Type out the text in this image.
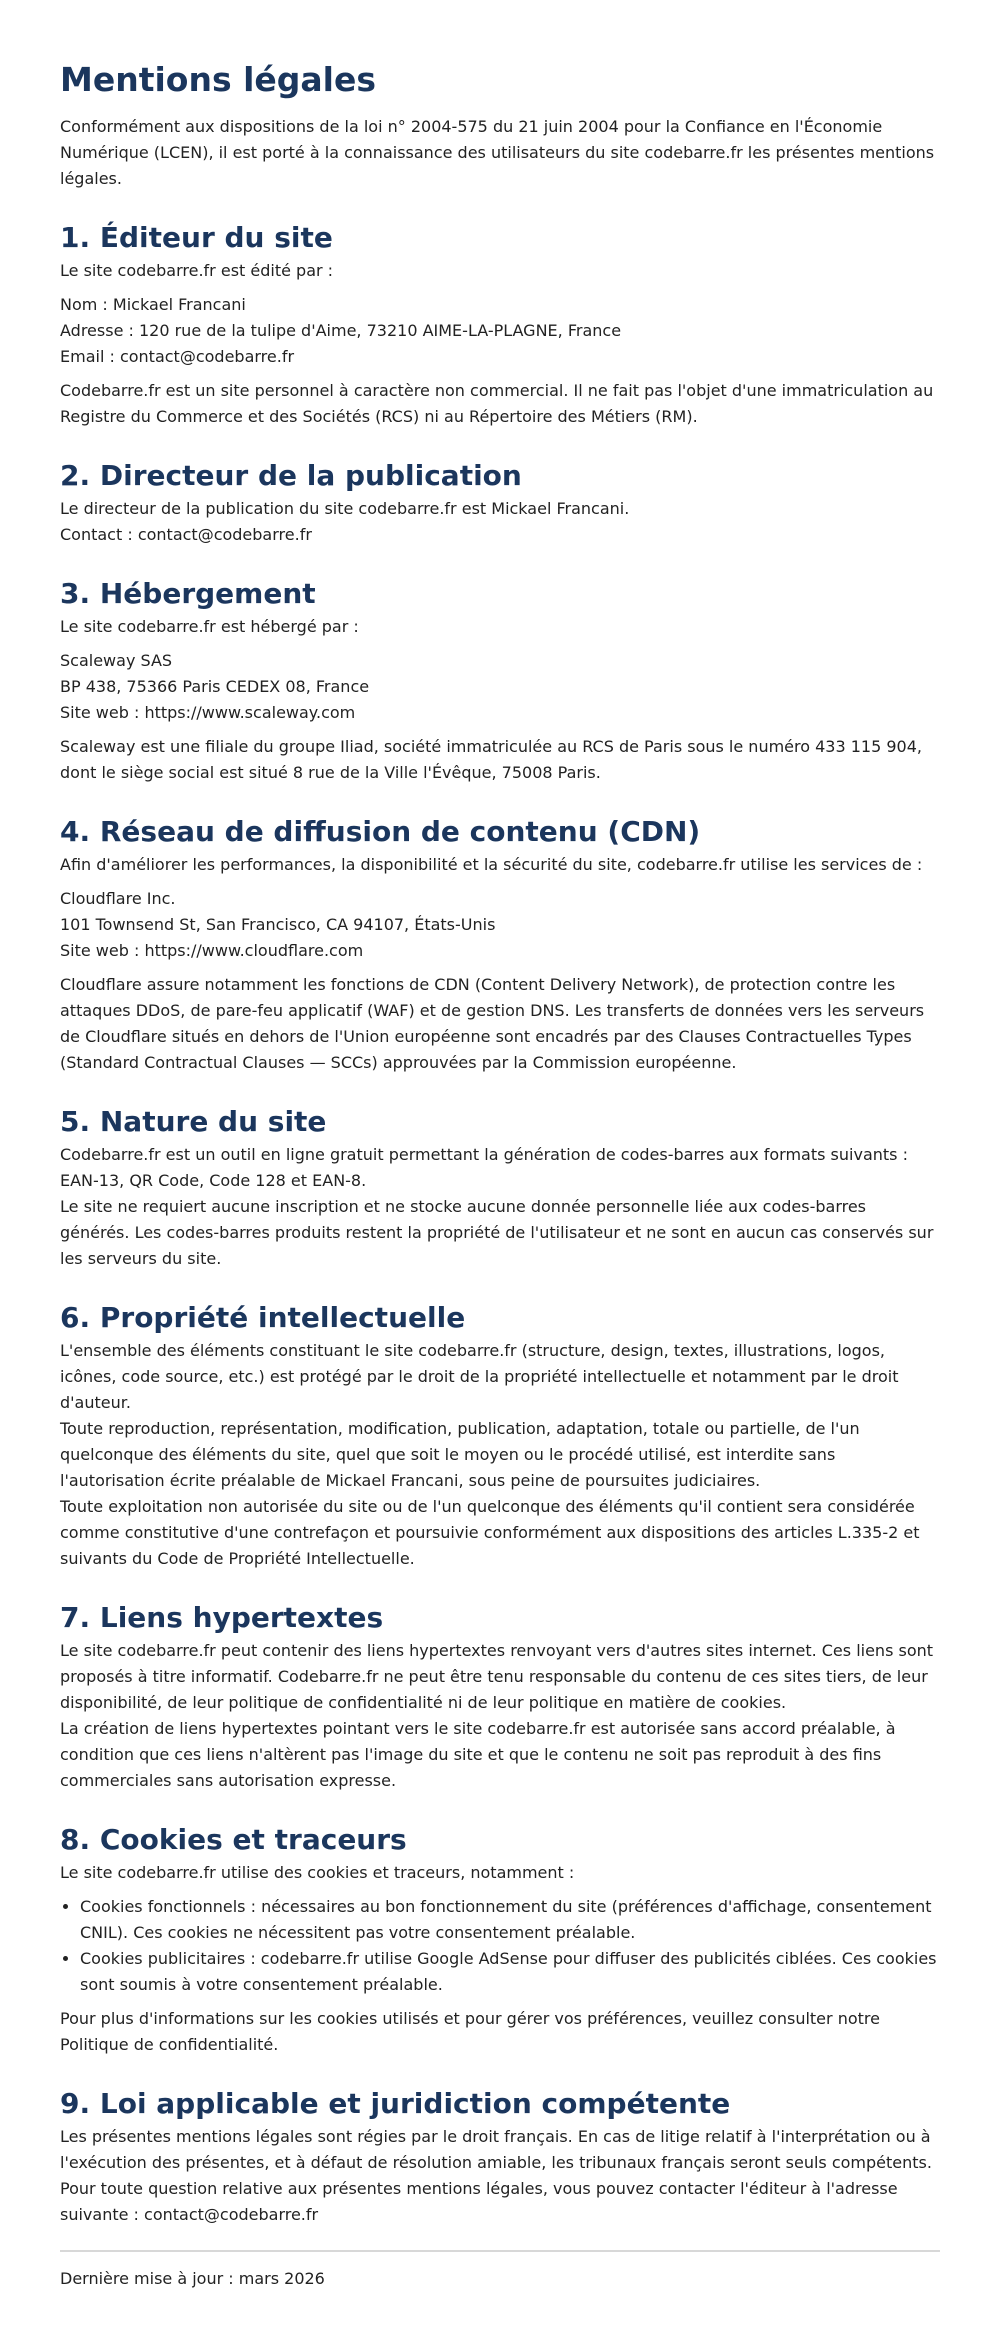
Mentions légales

Conformément aux dispositions de la loi n° 2004-575 du 21 juin 2004 pour la Confiance en l'Économie Numérique (LCEN), il est porté à la connaissance des utilisateurs du site codebarre.fr les présentes mentions légales.

1. Éditeur du site

Le site codebarre.fr est édité par :

Nom : Mickael Francani
Adresse : 120 rue de la tulipe d'Aime, 73210 AIME-LA-PLAGNE, France
Email : contact@codebarre.fr

Codebarre.fr est un site personnel à caractère non commercial. Il ne fait pas l'objet d'une immatriculation au Registre du Commerce et des Sociétés (RCS) ni au Répertoire des Métiers (RM).

2. Directeur de la publication

Le directeur de la publication du site codebarre.fr est Mickael Francani.
Contact : contact@codebarre.fr

3. Hébergement

Le site codebarre.fr est hébergé par :

Scaleway SAS
BP 438, 75366 Paris CEDEX 08, France
Site web : https://www.scaleway.com

Scaleway est une filiale du groupe Iliad, société immatriculée au RCS de Paris sous le numéro 433 115 904, dont le siège social est situé 8 rue de la Ville l'Évêque, 75008 Paris.

4. Réseau de diffusion de contenu (CDN)

Afin d'améliorer les performances, la disponibilité et la sécurité du site, codebarre.fr utilise les services de :

Cloudflare Inc.
101 Townsend St, San Francisco, CA 94107, États-Unis
Site web : https://www.cloudflare.com

Cloudflare assure notamment les fonctions de CDN (Content Delivery Network), de protection contre les attaques DDoS, de pare-feu applicatif (WAF) et de gestion DNS. Les transferts de données vers les serveurs de Cloudflare situés en dehors de l'Union européenne sont encadrés par des Clauses Contractuelles Types (Standard Contractual Clauses — SCCs) approuvées par la Commission européenne.

5. Nature du site

Codebarre.fr est un outil en ligne gratuit permettant la génération de codes-barres aux formats suivants : EAN-13, QR Code, Code 128 et EAN-8.
Le site ne requiert aucune inscription et ne stocke aucune donnée personnelle liée aux codes-barres générés. Les codes-barres produits restent la propriété de l'utilisateur et ne sont en aucun cas conservés sur les serveurs du site.

6. Propriété intellectuelle

L'ensemble des éléments constituant le site codebarre.fr (structure, design, textes, illustrations, logos, icônes, code source, etc.) est protégé par le droit de la propriété intellectuelle et notamment par le droit d'auteur.
Toute reproduction, représentation, modification, publication, adaptation, totale ou partielle, de l'un quelconque des éléments du site, quel que soit le moyen ou le procédé utilisé, est interdite sans l'autorisation écrite préalable de Mickael Francani, sous peine de poursuites judiciaires.
Toute exploitation non autorisée du site ou de l'un quelconque des éléments qu'il contient sera considérée comme constitutive d'une contrefaçon et poursuivie conformément aux dispositions des articles L.335-2 et suivants du Code de Propriété Intellectuelle.

7. Liens hypertextes

Le site codebarre.fr peut contenir des liens hypertextes renvoyant vers d'autres sites internet. Ces liens sont proposés à titre informatif. Codebarre.fr ne peut être tenu responsable du contenu de ces sites tiers, de leur disponibilité, de leur politique de confidentialité ni de leur politique en matière de cookies.
La création de liens hypertextes pointant vers le site codebarre.fr est autorisée sans accord préalable, à condition que ces liens n'altèrent pas l'image du site et que le contenu ne soit pas reproduit à des fins commerciales sans autorisation expresse.

8. Cookies et traceurs

Le site codebarre.fr utilise des cookies et traceurs, notamment :

• Cookies fonctionnels : nécessaires au bon fonctionnement du site (préférences d'affichage, consentement CNIL). Ces cookies ne nécessitent pas votre consentement préalable.
• Cookies publicitaires : codebarre.fr utilise Google AdSense pour diffuser des publicités ciblées. Ces cookies sont soumis à votre consentement préalable.

Pour plus d'informations sur les cookies utilisés et pour gérer vos préférences, veuillez consulter notre Politique de confidentialité.

9. Loi applicable et juridiction compétente

Les présentes mentions légales sont régies par le droit français. En cas de litige relatif à l'interprétation ou à l'exécution des présentes, et à défaut de résolution amiable, les tribunaux français seront seuls compétents.
Pour toute question relative aux présentes mentions légales, vous pouvez contacter l'éditeur à l'adresse suivante : contact@codebarre.fr

Dernière mise à jour : mars 2026
